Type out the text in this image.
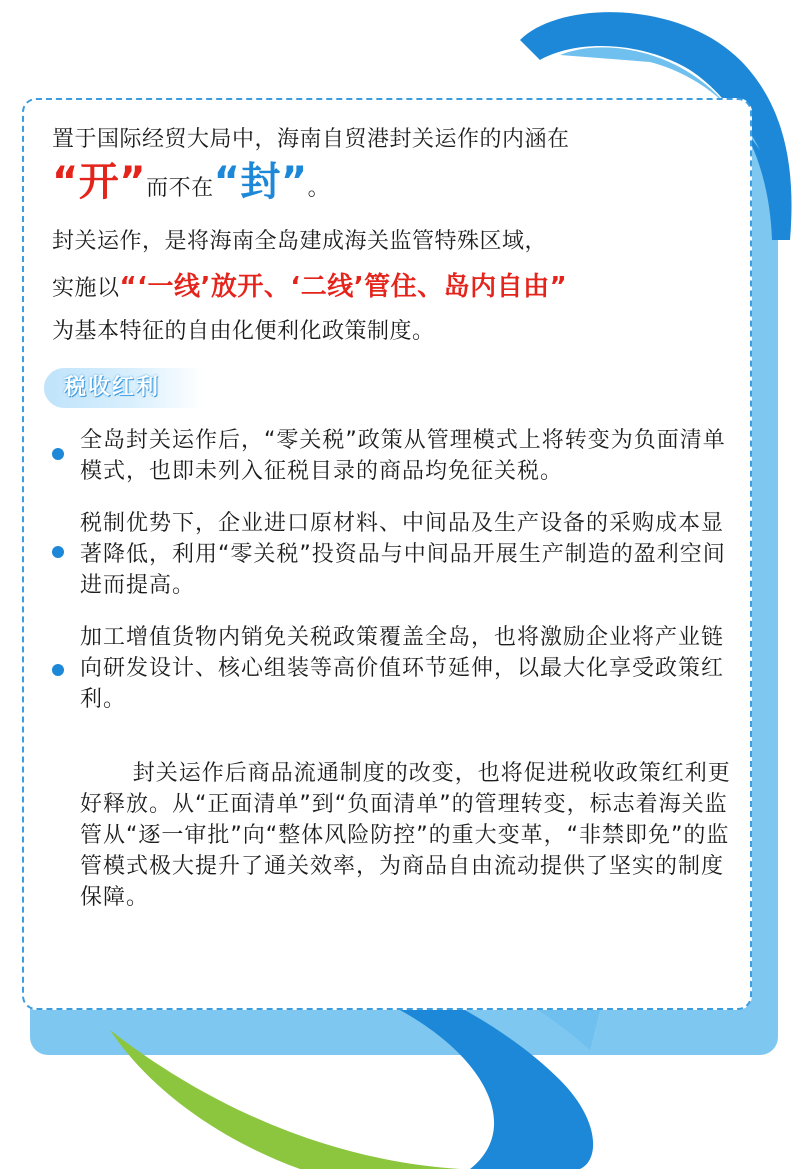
置于国际经贸大局中，海南自贸港封关运作的内涵在

“开”而不在“封”。

封关运作，是将海南全岛建成海关监管特殊区域，

实施以“‘一线’放开、‘二线’管住、岛内自由”

为基本特征的自由化便利化政策制度。

税收红利

全岛封关运作后，“零关税”政策从管理模式上将转变为负面清单模式，也即未列入征税目录的商品均免征关税。

税制优势下，企业进口原材料、中间品及生产设备的采购成本显著降低，利用“零关税”投资品与中间品开展生产制造的盈利空间进而提高。

加工增值货物内销免关税政策覆盖全岛，也将激励企业将产业链向研发设计、核心组装等高价值环节延伸，以最大化享受政策红利。

封关运作后商品流通制度的改变，也将促进税收政策红利更好释放。从“正面清单”到“负面清单”的管理转变，标志着海关监管从“逐一审批”向“整体风险防控”的重大变革，“非禁即免”的监管模式极大提升了通关效率，为商品自由流动提供了坚实的制度保障。
